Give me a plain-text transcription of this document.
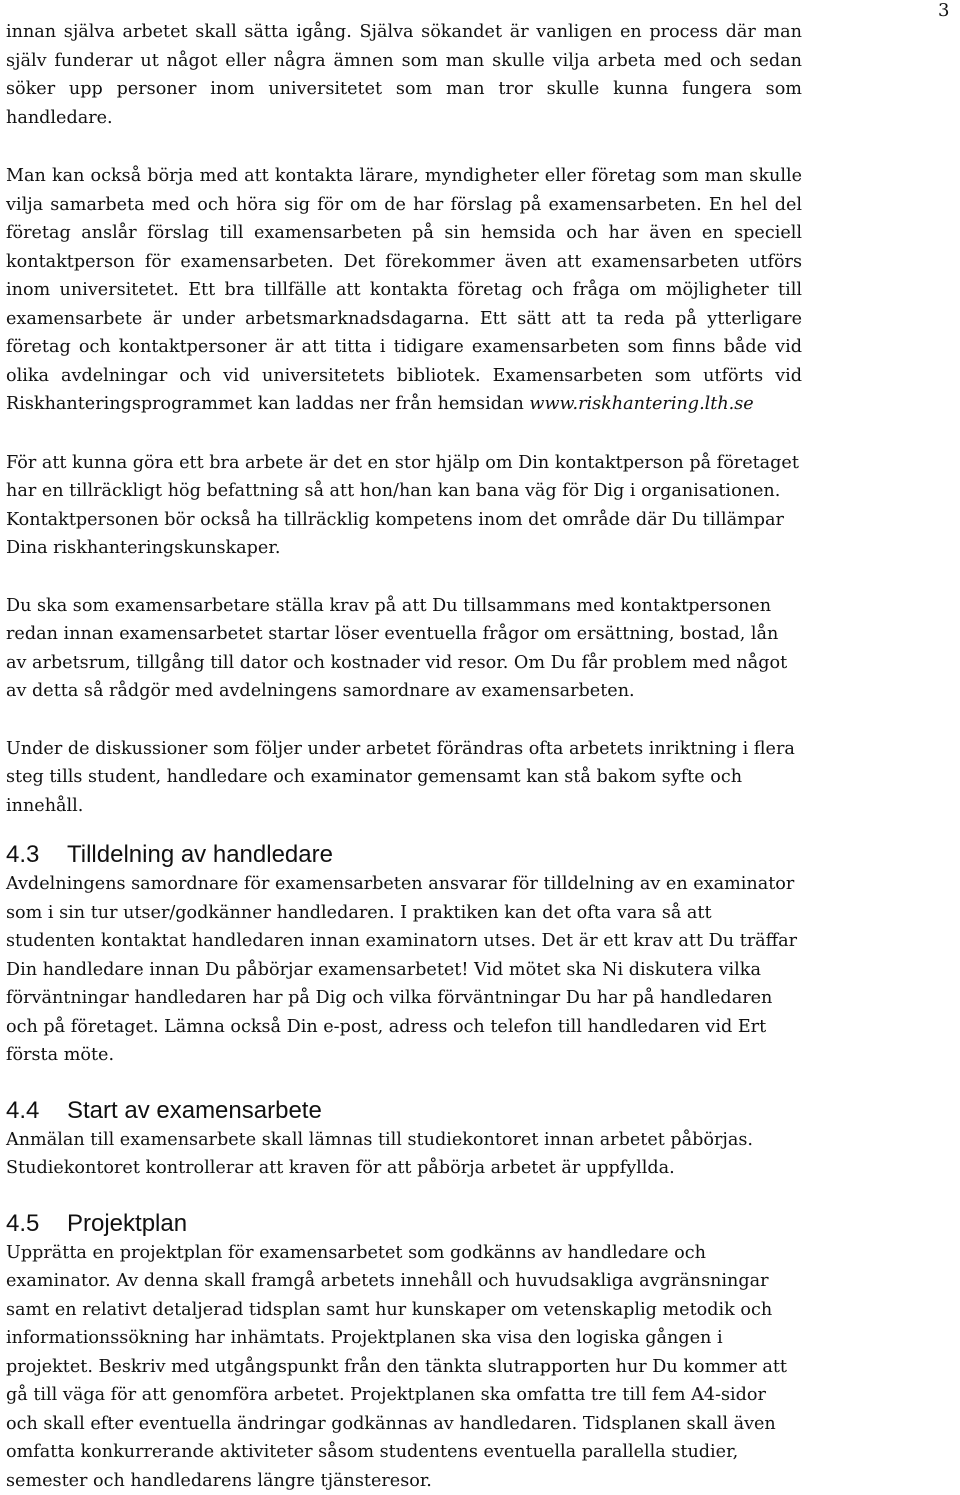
3

innan själva arbetet skall sätta igång. Själva sökandet är vanligen en process där man själv funderar ut något eller några ämnen som man skulle vilja arbeta med och sedan söker upp personer inom universitetet som man tror skulle kunna fungera som handledare.

Man kan också börja med att kontakta lärare, myndigheter eller företag som man skulle vilja samarbeta med och höra sig för om de har förslag på examensarbeten. En hel del företag anslår förslag till examensarbeten på sin hemsida och har även en speciell kontaktperson för examensarbeten. Det förekommer även att examensarbeten utförs inom universitetet. Ett bra tillfälle att kontakta företag och fråga om möjligheter till examensarbete är under arbetsmarknadsdagarna. Ett sätt att ta reda på ytterligare företag och kontaktpersoner är att titta i tidigare examensarbeten som finns både vid olika avdelningar och vid universitetets bibliotek. Examensarbeten som utförts vid Riskhanteringsprogrammet kan laddas ner från hemsidan www.riskhantering.lth.se

För att kunna göra ett bra arbete är det en stor hjälp om Din kontaktperson på företaget har en tillräckligt hög befattning så att hon/han kan bana väg för Dig i organisationen. Kontaktpersonen bör också ha tillräcklig kompetens inom det område där Du tillämpar Dina riskhanteringskunskaper.

Du ska som examensarbetare ställa krav på att Du tillsammans med kontaktpersonen redan innan examensarbetet startar löser eventuella frågor om ersättning, bostad, lån av arbetsrum, tillgång till dator och kostnader vid resor. Om Du får problem med något av detta så rådgör med avdelningens samordnare av examensarbeten.

Under de diskussioner som följer under arbetet förändras ofta arbetets inriktning i flera steg tills student, handledare och examinator gemensamt kan stå bakom syfte och innehåll.

4.3 Tilldelning av handledare

Avdelningens samordnare för examensarbeten ansvarar för tilldelning av en examinator som i sin tur utser/godkänner handledaren. I praktiken kan det ofta vara så att studenten kontaktat handledaren innan examinatorn utses. Det är ett krav att Du träffar Din handledare innan Du påbörjar examensarbetet! Vid mötet ska Ni diskutera vilka förväntningar handledaren har på Dig och vilka förväntningar Du har på handledaren och på företaget. Lämna också Din e-post, adress och telefon till handledaren vid Ert första möte.

4.4 Start av examensarbete

Anmälan till examensarbete skall lämnas till studiekontoret innan arbetet påbörjas. Studiekontoret kontrollerar att kraven för att påbörja arbetet är uppfyllda.

4.5 Projektplan

Upprätta en projektplan för examensarbetet som godkänns av handledare och examinator. Av denna skall framgå arbetets innehåll och huvudsakliga avgränsningar samt en relativt detaljerad tidsplan samt hur kunskaper om vetenskaplig metodik och informationssökning har inhämtats. Projektplanen ska visa den logiska gången i projektet. Beskriv med utgångspunkt från den tänkta slutrapporten hur Du kommer att gå till väga för att genomföra arbetet. Projektplanen ska omfatta tre till fem A4-sidor och skall efter eventuella ändringar godkännas av handledaren. Tidsplanen skall även omfatta konkurrerande aktiviteter såsom studentens eventuella parallella studier, semester och handledarens längre tjänsteresor.
